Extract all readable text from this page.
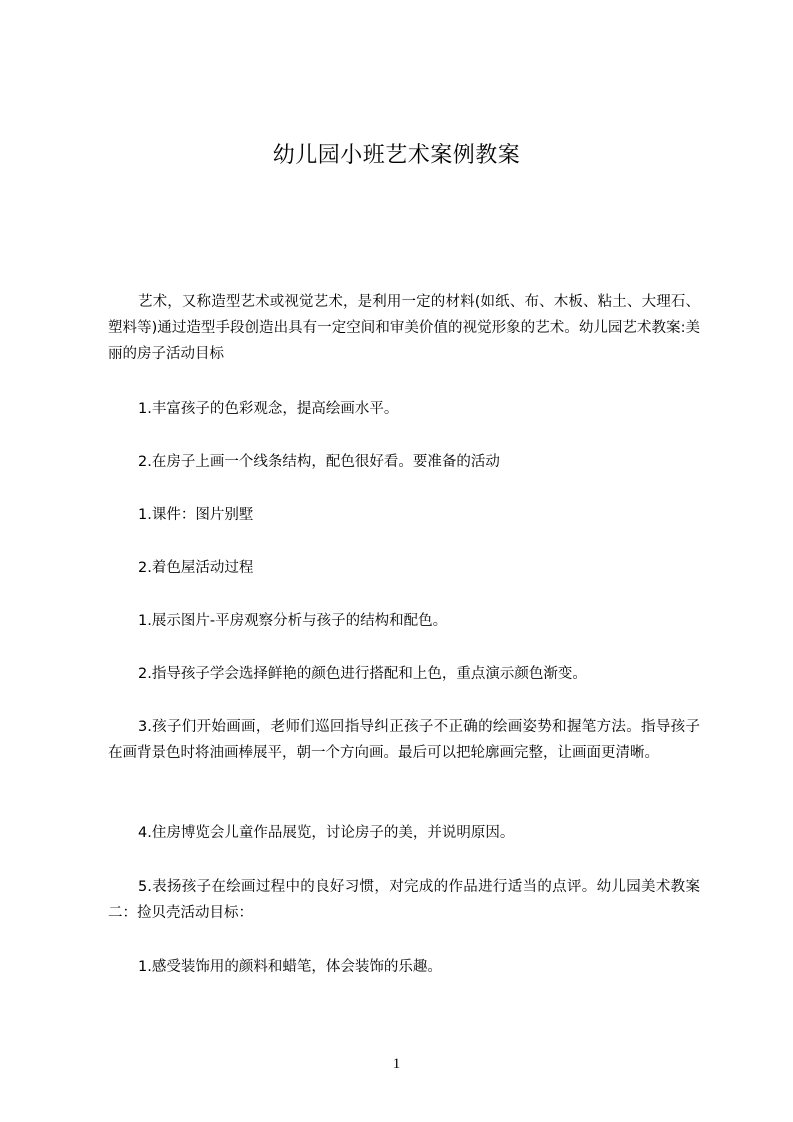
幼儿园小班艺术案例教案

艺术，又称造型艺术或视觉艺术，是利用一定的材料(如纸、布、木板、粘土、大理石、塑料等)通过造型手段创造出具有一定空间和审美价值的视觉形象的艺术。幼儿园艺术教案:美丽的房子活动目标

1.丰富孩子的色彩观念，提高绘画水平。

2.在房子上画一个线条结构，配色很好看。要准备的活动

1.课件：图片别墅

2.着色屋活动过程

1.展示图片-平房观察分析与孩子的结构和配色。

2.指导孩子学会选择鲜艳的颜色进行搭配和上色，重点演示颜色渐变。

3.孩子们开始画画，老师们巡回指导纠正孩子不正确的绘画姿势和握笔方法。指导孩子在画背景色时将油画棒展平，朝一个方向画。最后可以把轮廓画完整，让画面更清晰。

4.住房博览会儿童作品展览，讨论房子的美，并说明原因。

5.表扬孩子在绘画过程中的良好习惯，对完成的作品进行适当的点评。幼儿园美术教案二：捡贝壳活动目标：

1.感受装饰用的颜料和蜡笔，体会装饰的乐趣。

1
